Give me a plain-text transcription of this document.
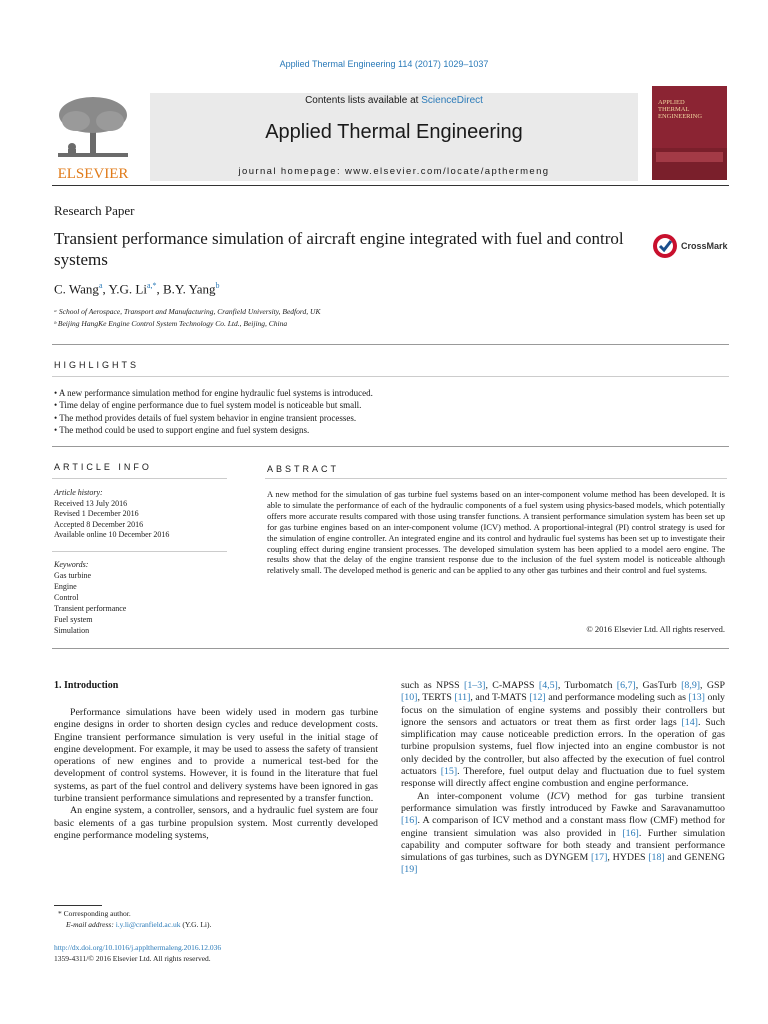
Applied Thermal Engineering 114 (2017) 1029–1037
ELSEVIER
Contents lists available at ScienceDirect
Applied Thermal Engineering
journal homepage: www.elsevier.com/locate/apthermeng
APPLIED
THERMAL
ENGINEERING
Research Paper
Transient performance simulation of aircraft engine integrated with fuel and control systems
CrossMark
C. Wang$^a$, Y.G. $Li^{a,*}$, B.Y. Yang$^b$
ᵃ School of Aerospace, Transport and Manufacturing, Cranfield University, Bedford, UK
ᵇ Beijing HangKe Engine Control System Technology Co. Ltd., Beijing, China
HIGHLIGHTS
• A new performance simulation method for engine hydraulic fuel systems is introduced.
• Time delay of engine performance due to fuel system model is noticeable but small.
• The method provides details of fuel system behavior in engine transient processes.
• The method could be used to support engine and fuel system designs.
ARTICLE INFO
Article history:
Received 13 July 2016
Revised 1 December 2016
Accepted 8 December 2016
Available online 10 December 2016
Keywords:
Gas turbine
Engine
Control
Transient performance
Fuel system
Simulation
ABSTRACT
A new method for the simulation of gas turbine fuel systems based on an inter-component volume method has been developed. It is able to simulate the performance of each of the hydraulic components of a fuel system using physics-based models, which potentially offers more accurate results compared with those using transfer functions. A transient performance simulation system has been set up for gas turbine engines based on an inter-component volume (ICV) method. A proportional-integral (PI) control strategy is used for the simulation of engine controller. An integrated engine and its control and hydraulic fuel systems has been set up to investigate their coupling effect during engine transient processes. The developed simulation system has been applied to a model aero engine. The results show that the delay of the engine transient response due to the inclusion of the fuel system model is noticeable although relatively small. The developed method is generic and can be applied to any other gas turbines and their control and fuel systems.
© 2016 Elsevier Ltd. All rights reserved.
1. Introduction

Performance simulations have been widely used in modern gas turbine engine designs in order to shorten design cycles and reduce development costs. Engine transient performance simulation is very useful in the initial stage of engine development. For example, it may be used to assess the safety of transient operations of new engines and to provide a numerical test-bed for the development of control systems. However, it is found in the literature that fuel systems, as part of the fuel control and delivery systems have been ignored in gas turbine transient performance simulations and represented by a transfer function.

An engine system, a controller, sensors, and a hydraulic fuel system are four basic elements of a gas turbine propulsion system. Most currently developed engine performance modeling systems,

such as NPSS [1–3], C-MAPSS [4,5], Turbomatch [6,7], GasTurb [8,9], GSP [10], TERTS [11], and T-MATS [12] and performance modeling such as [13] only focus on the simulation of engine systems and possibly their controllers but ignore the sensors and actuators or treat them as first order lags [14]. Such simplification may cause noticeable prediction errors. In the operation of gas turbine propulsion systems, fuel flow injected into an engine combustor is not only decided by the controller, but also affected by the execution of fuel control actuators [15]. Therefore, fuel output delay and fluctuation due to fuel system response will directly affect engine combustion and engine performance.

An inter-component volume (ICV) method for gas turbine transient performance simulation was firstly introduced by Fawke and Saravanamuttoo [16]. A comparison of ICV method and a constant mass flow (CMF) method for engine transient simulation was also provided in [16]. Further simulation capability and computer software for both steady and transient performance simulations of gas turbines, such as DYNGEM [17], HYDES [18] and GENENG [19]

* Corresponding author.
E-mail address: i.y.li@cranfield.ac.uk (Y.G. Li).
http://dx.doi.org/10.1016/j.applthermaleng.2016.12.036
1359-4311/© 2016 Elsevier Ltd. All rights reserved.
